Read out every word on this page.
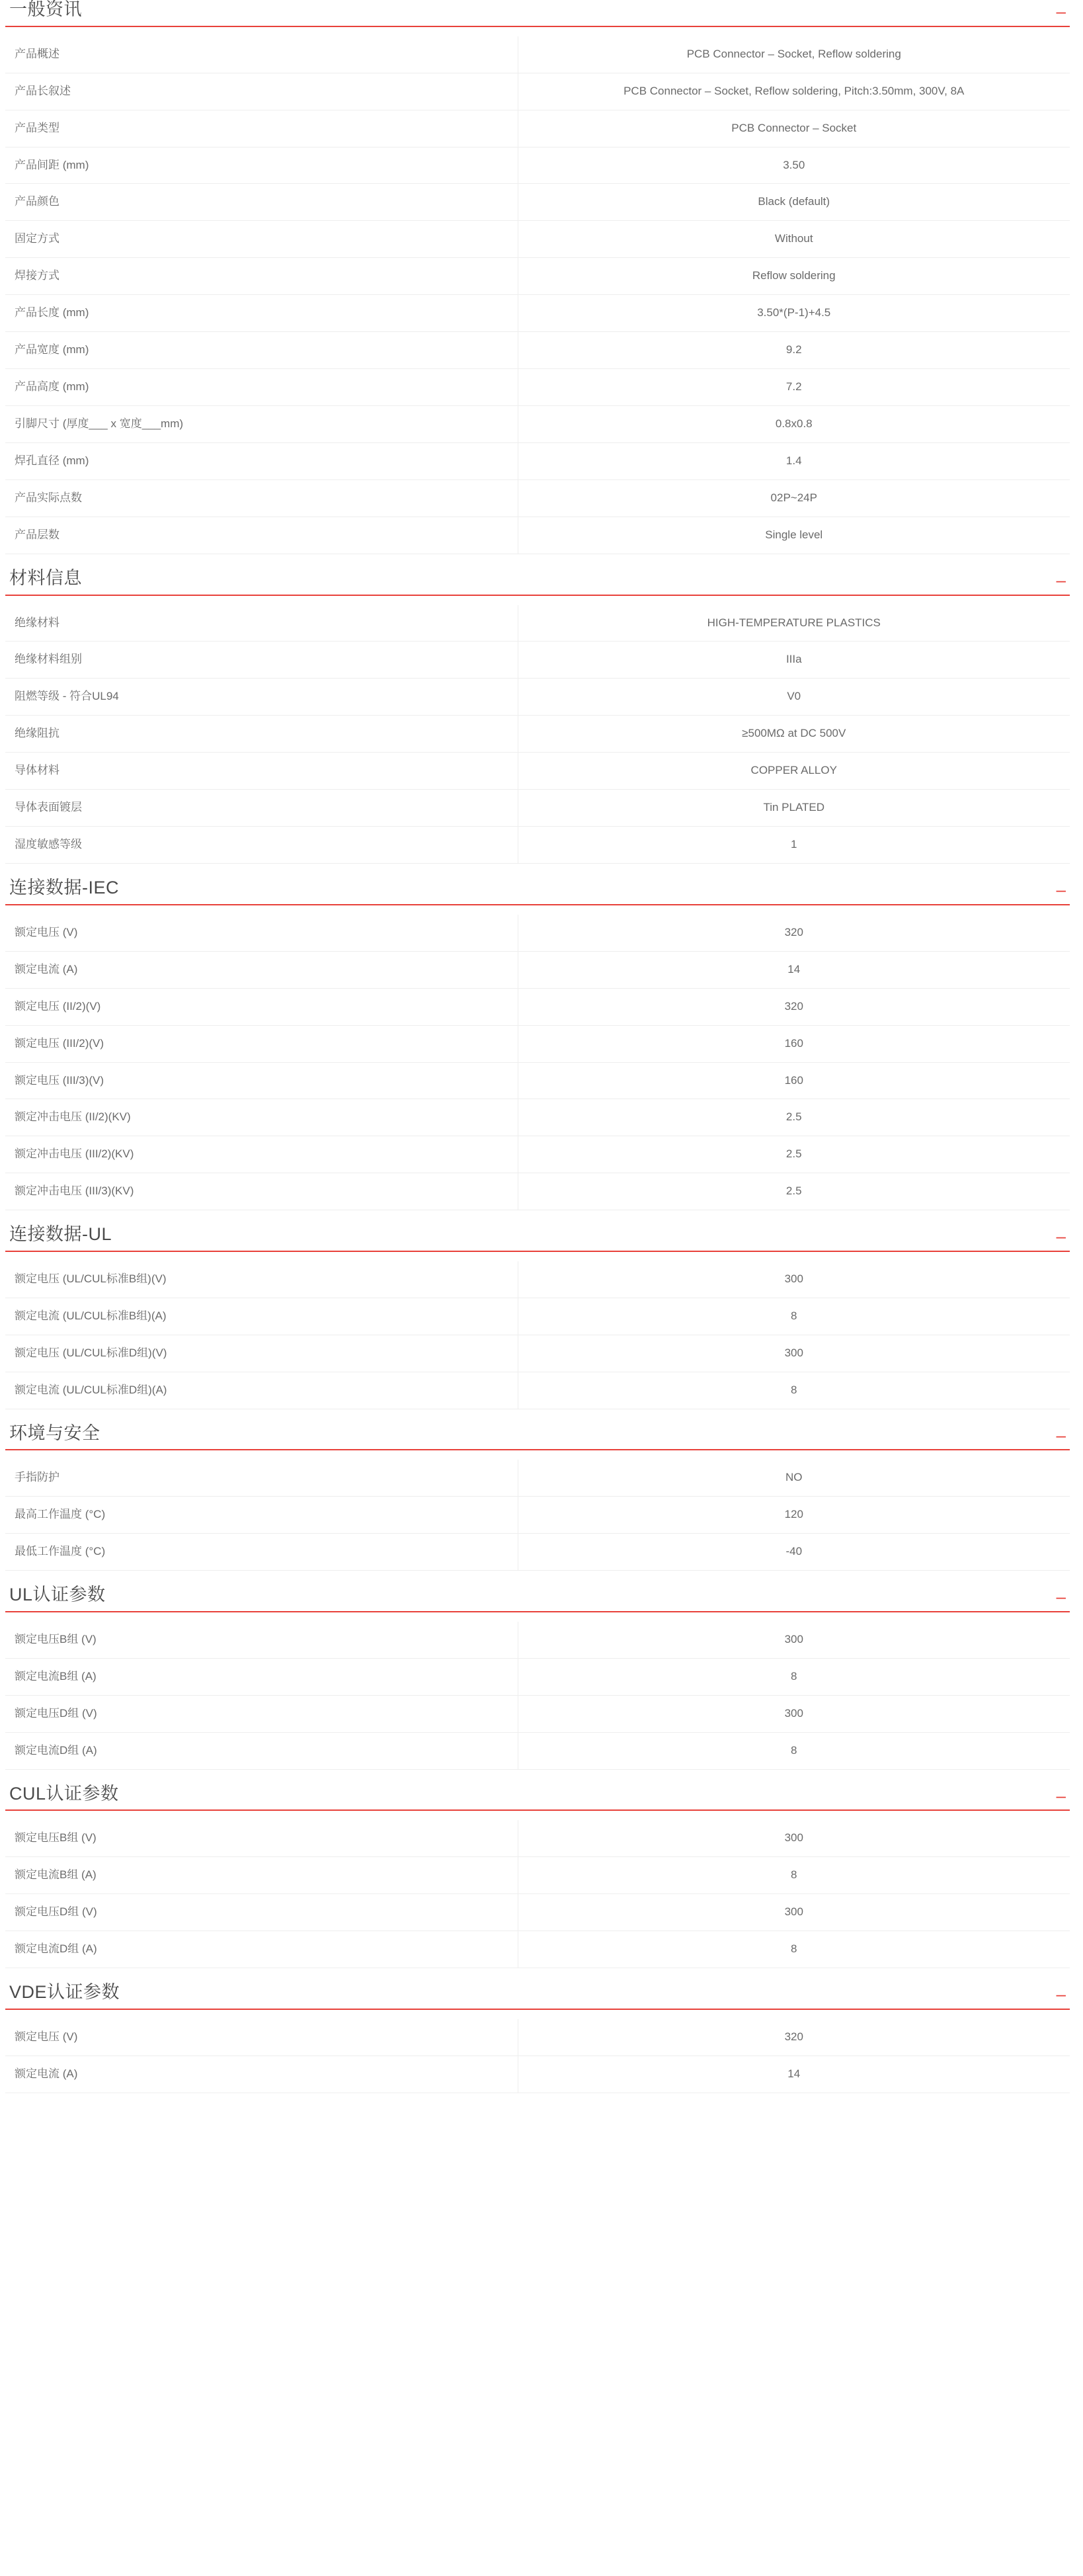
一般资讯	–
产品概述	PCB Connector – Socket, Reflow soldering
产品长叙述	PCB Connector – Socket, Reflow soldering, Pitch:3.50mm, 300V, 8A
产品类型	PCB Connector – Socket
产品间距 (mm)	3.50
产品颜色	Black (default)
固定方式	Without
焊接方式	Reflow soldering
产品长度 (mm)	3.50*(P-1)+4.5
产品宽度 (mm)	9.2
产品高度 (mm)	7.2
引脚尺寸 (厚度___ x 宽度___mm)	0.8x0.8
焊孔直径 (mm)	1.4
产品实际点数	02P~24P
产品层数	Single level
材料信息	–
绝缘材料	HIGH-TEMPERATURE PLASTICS
绝缘材料组别	IIIa
阻燃等级 - 符合UL94	V0
绝缘阻抗	≥500MΩ at DC 500V
导体材料	COPPER ALLOY
导体表面镀层	Tin PLATED
湿度敏感等级	1
连接数据-IEC	–
额定电压 (V)	320
额定电流 (A)	14
额定电压 (II/2)(V)	320
额定电压 (III/2)(V)	160
额定电压 (III/3)(V)	160
额定冲击电压 (II/2)(KV)	2.5
额定冲击电压 (III/2)(KV)	2.5
额定冲击电压 (III/3)(KV)	2.5
连接数据-UL	–
额定电压 (UL/CUL标准B组)(V)	300
额定电流 (UL/CUL标准B组)(A)	8
额定电压 (UL/CUL标准D组)(V)	300
额定电流 (UL/CUL标准D组)(A)	8
环境与安全	–
手指防护	NO
最高工作温度 (°C)	120
最低工作温度 (°C)	-40
UL认证参数	–
额定电压B组 (V)	300
额定电流B组 (A)	8
额定电压D组 (V)	300
额定电流D组 (A)	8
CUL认证参数	–
额定电压B组 (V)	300
额定电流B组 (A)	8
额定电压D组 (V)	300
额定电流D组 (A)	8
VDE认证参数	–
额定电压 (V)	320
额定电流 (A)	14
